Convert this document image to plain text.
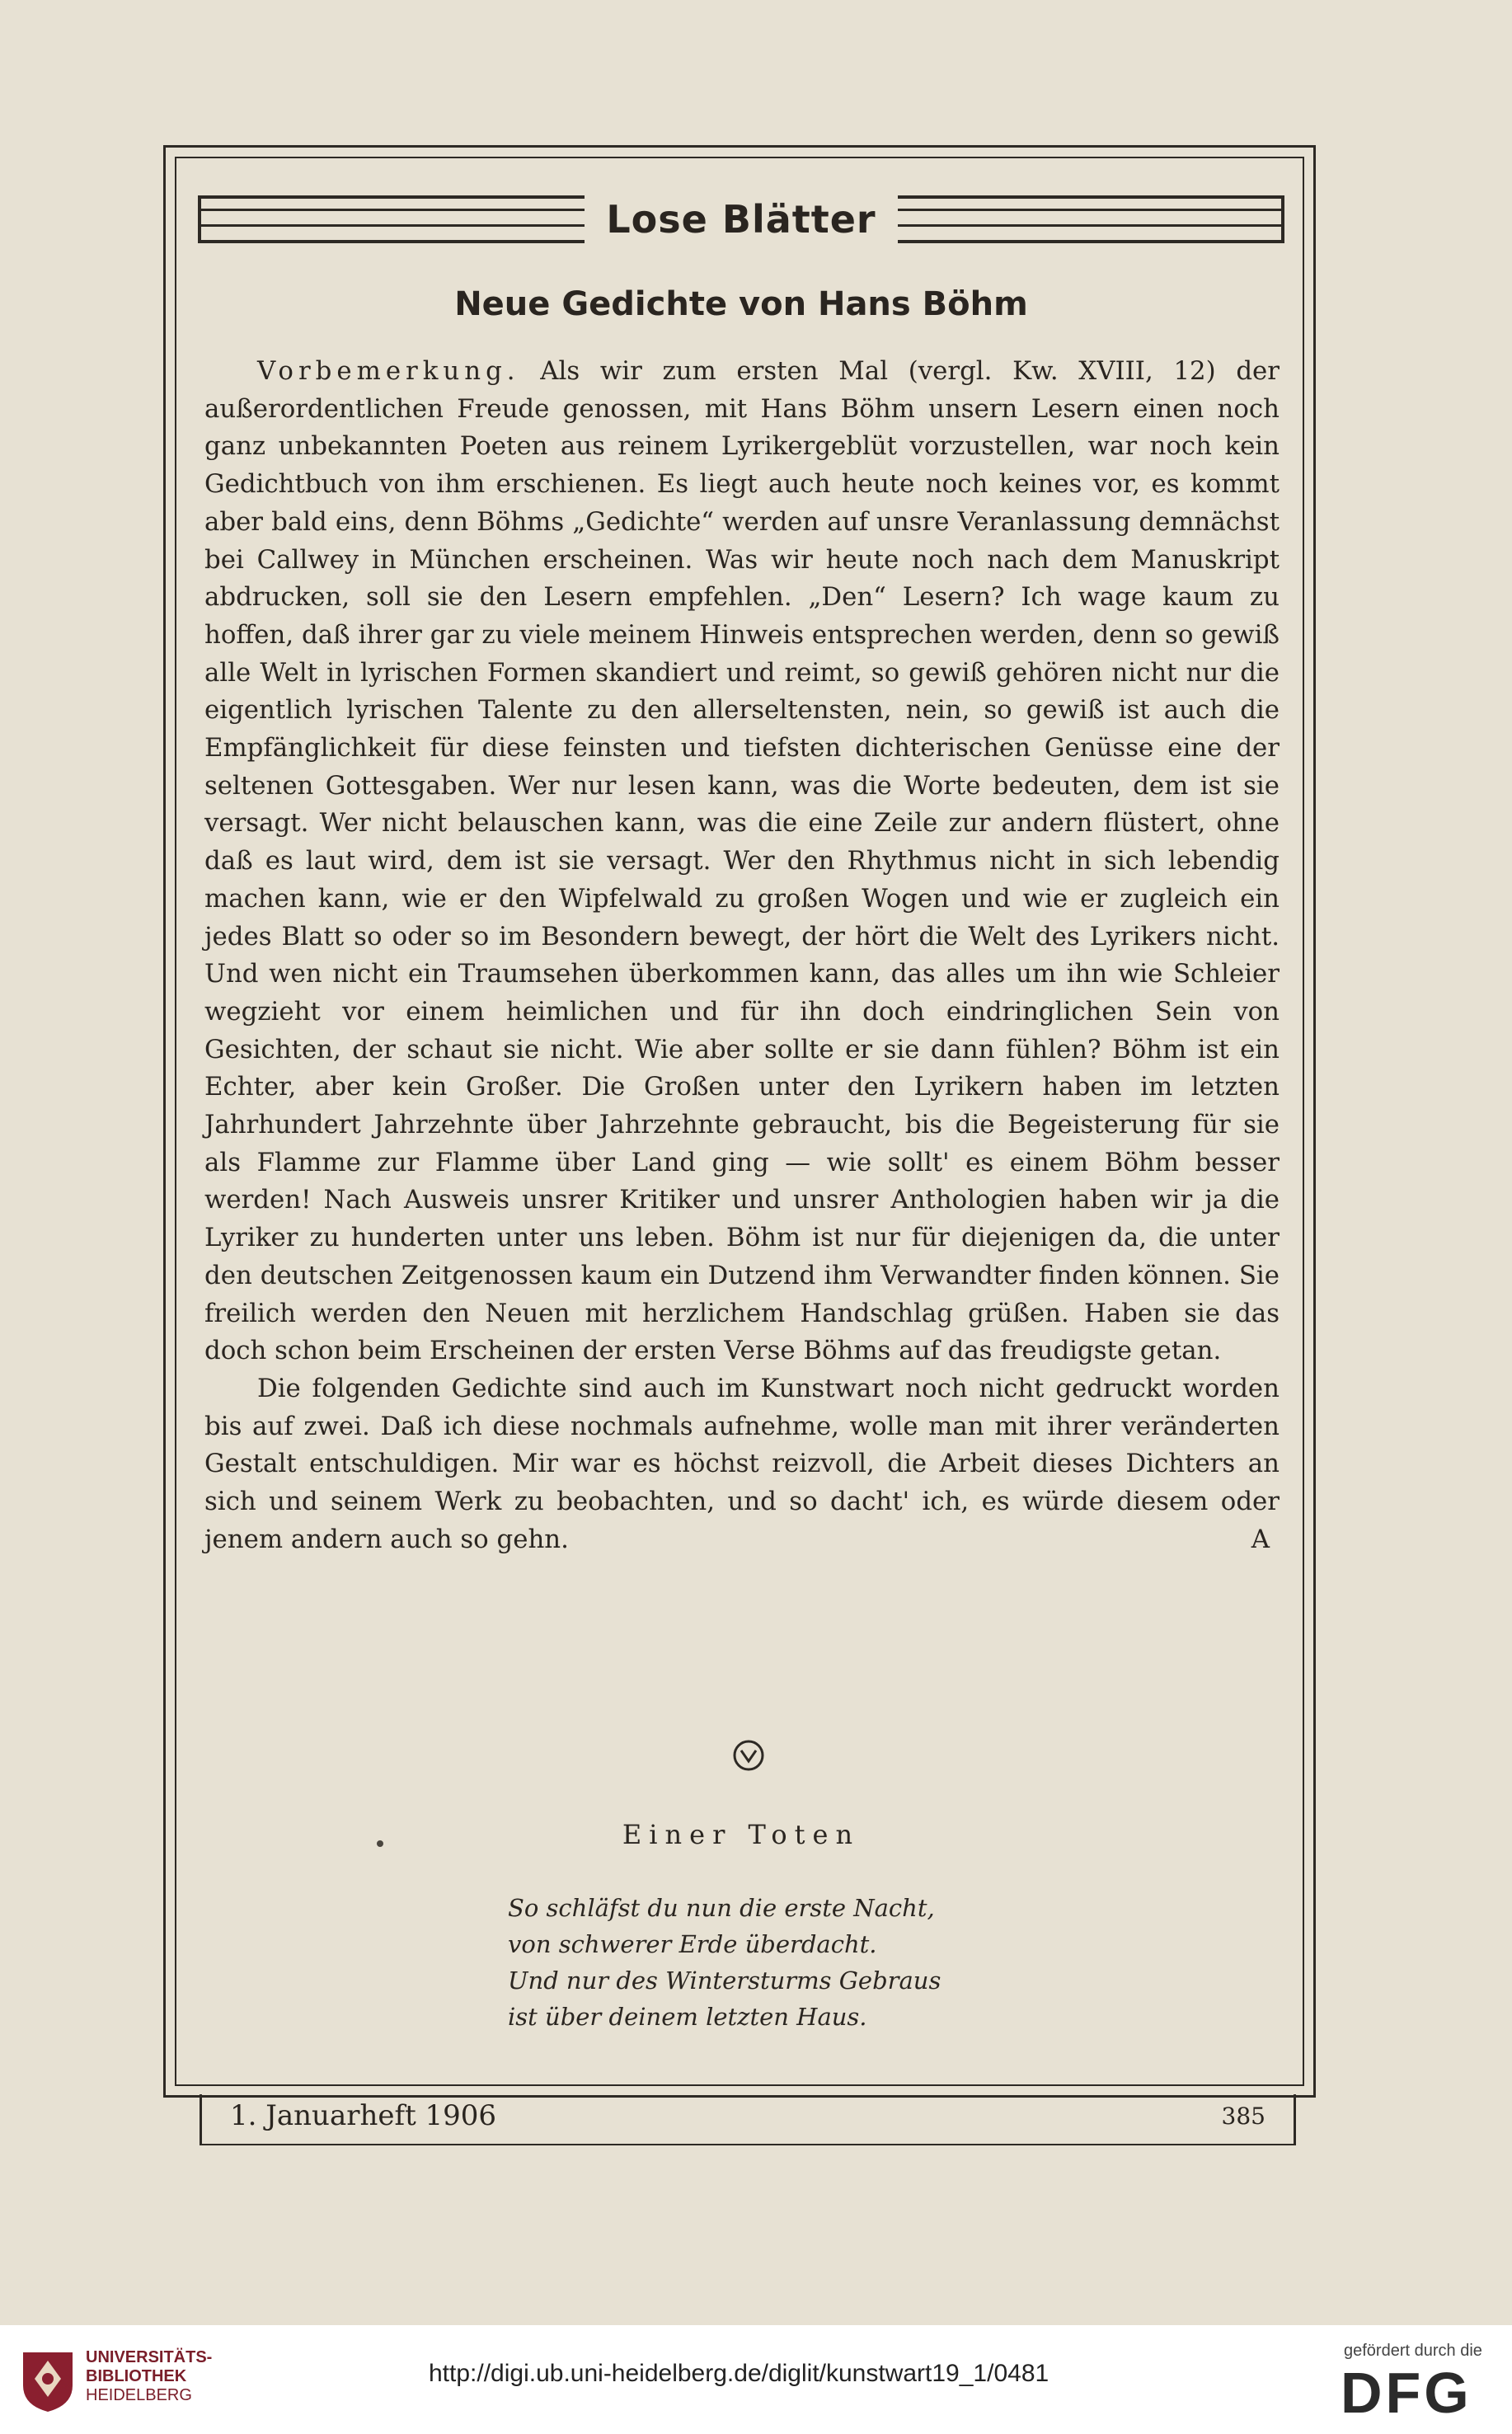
Lose Blätter
Neue Gedichte von Hans Böhm

Vorbemerkung. Als wir zum ersten Mal (vergl. Kw. XVIII, 12) der außerordentlichen Freude genossen, mit Hans Böhm unsern Lesern einen noch ganz unbekannten Poeten aus reinem Lyrikergeblüt vorzustellen, war noch kein Gedichtbuch von ihm erschienen. Es liegt auch heute noch keines vor, es kommt aber bald eins, denn Böhms „Gedichte“ werden auf unsre Veranlassung demnächst bei Callwey in München erscheinen. Was wir heute noch nach dem Manuskript abdrucken, soll sie den Lesern empfehlen. „Den“ Lesern? Ich wage kaum zu hoffen, daß ihrer gar zu viele meinem Hinweis entsprechen werden, denn so gewiß alle Welt in lyrischen Formen skandiert und reimt, so gewiß gehören nicht nur die eigentlich lyrischen Talente zu den allerseltensten, nein, so gewiß ist auch die Empfänglichkeit für diese feinsten und tiefsten dichterischen Genüsse eine der seltenen Gottesgaben. Wer nur lesen kann, was die Worte bedeuten, dem ist sie versagt. Wer nicht belauschen kann, was die eine Zeile zur andern flüstert, ohne daß es laut wird, dem ist sie versagt. Wer den Rhythmus nicht in sich lebendig machen kann, wie er den Wipfelwald zu großen Wogen und wie er zugleich ein jedes Blatt so oder so im Besondern bewegt, der hört die Welt des Lyrikers nicht. Und wen nicht ein Traumsehen überkommen kann, das alles um ihn wie Schleier wegzieht vor einem heimlichen und für ihn doch eindringlichen Sein von Gesichten, der schaut sie nicht. Wie aber sollte er sie dann fühlen? Böhm ist ein Echter, aber kein Großer. Die Großen unter den Lyrikern haben im letzten Jahrhundert Jahrzehnte über Jahrzehnte gebraucht, bis die Begeisterung für sie als Flamme zur Flamme über Land ging — wie sollt' es einem Böhm besser werden! Nach Ausweis unsrer Kritiker und unsrer Anthologien haben wir ja die Lyriker zu hunderten unter uns leben. Böhm ist nur für diejenigen da, die unter den deutschen Zeitgenossen kaum ein Dutzend ihm Verwandter finden können. Sie freilich werden den Neuen mit herzlichem Handschlag grüßen. Haben sie das doch schon beim Erscheinen der ersten Verse Böhms auf das freudigste getan.

Die folgenden Gedichte sind auch im Kunstwart noch nicht gedruckt worden bis auf zwei. Daß ich diese nochmals aufnehme, wolle man mit ihrer veränderten Gestalt entschuldigen. Mir war es höchst reizvoll, die Arbeit dieses Dichters an sich und seinem Werk zu beobachten, und so dacht' ich, es würde diesem oder jenem andern auch so gehn.	A
Einer Toten
So schläfst du nun die erste Nacht,
von schwerer Erde überdacht.
Und nur des Wintersturms Gebraus
ist über deinem letzten Haus.
1. Januarheft 1906	385
UNIVERSITÄTS-
BIBLIOTHEK
HEIDELBERG
http://digi.ub.uni-heidelberg.de/diglit/kunstwart19_1/0481
gefördert durch die
DFG
